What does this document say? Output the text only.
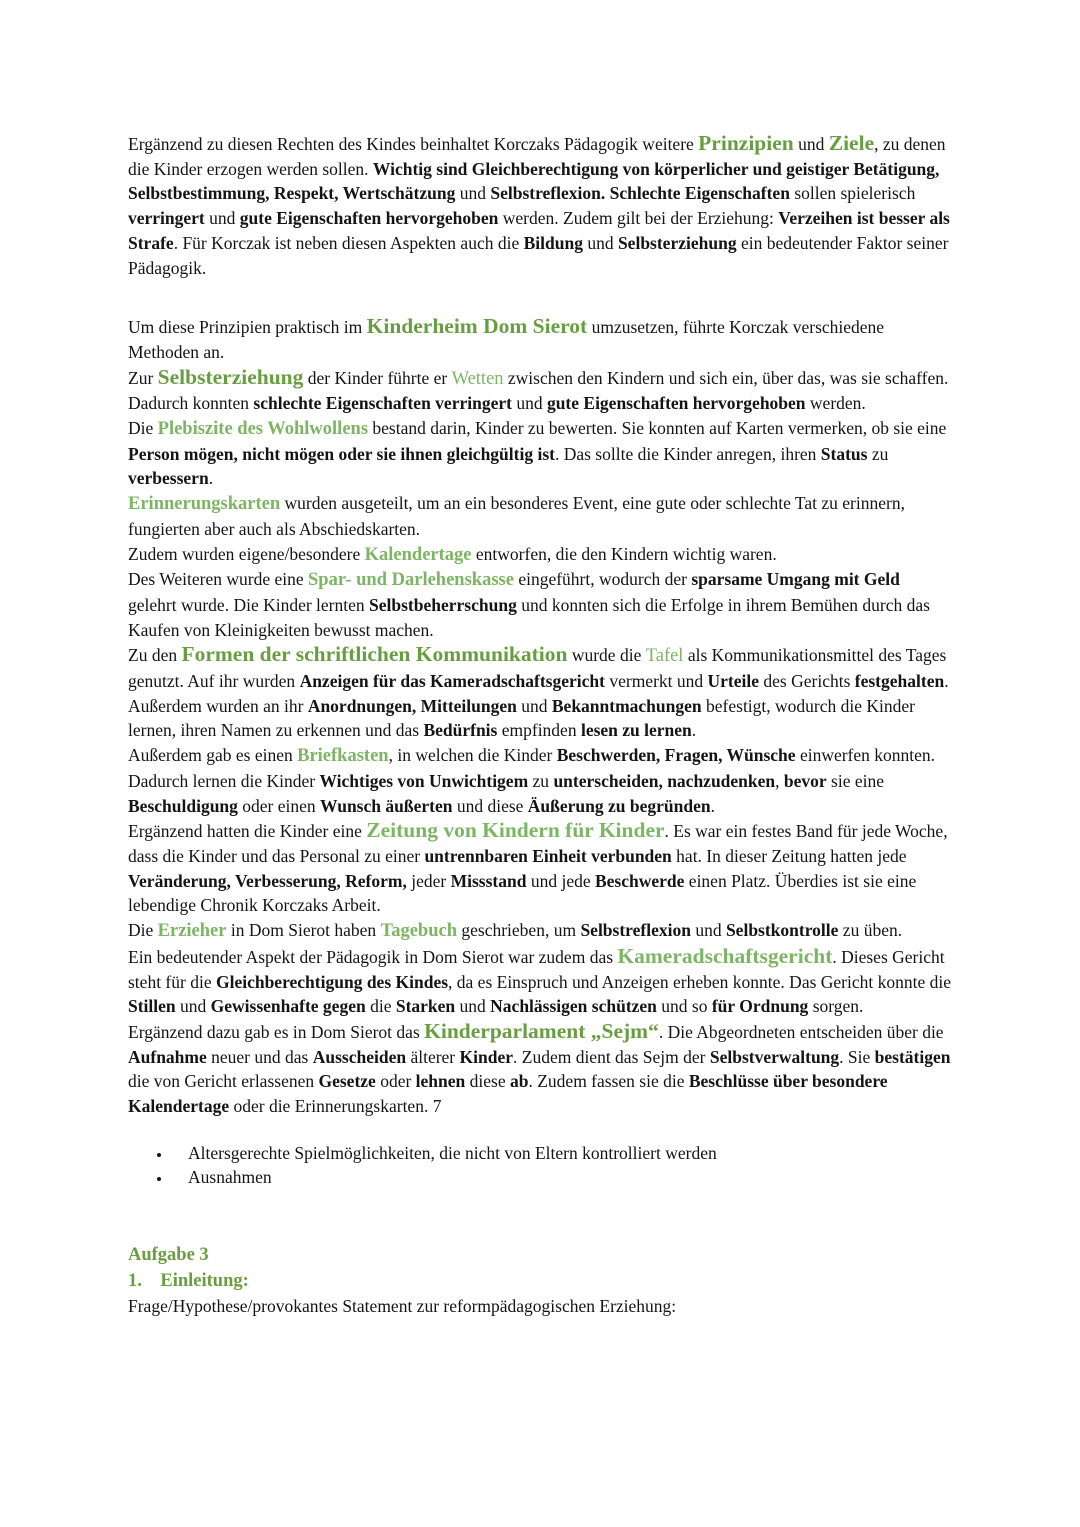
Ergänzend zu diesen Rechten des Kindes beinhaltet Korczaks Pädagogik weitere Prinzipien und Ziele, zu denen die Kinder erzogen werden sollen. Wichtig sind Gleichberechtigung von körperlicher und geistiger Betätigung, Selbstbestimmung, Respekt, Wertschätzung und Selbstreflexion. Schlechte Eigenschaften sollen spielerisch verringert und gute Eigenschaften hervorgehoben werden. Zudem gilt bei der Erziehung: Verzeihen ist besser als Strafe. Für Korczak ist neben diesen Aspekten auch die Bildung und Selbsterziehung ein bedeutender Faktor seiner Pädagogik.

Um diese Prinzipien praktisch im Kinderheim Dom Sierot umzusetzen, führte Korczak verschiedene Methoden an.

Zur Selbsterziehung der Kinder führte er Wetten zwischen den Kindern und sich ein, über das, was sie schaffen. Dadurch konnten schlechte Eigenschaften verringert und gute Eigenschaften hervorgehoben werden.

Die Plebiszite des Wohlwollens bestand darin, Kinder zu bewerten. Sie konnten auf Karten vermerken, ob sie eine Person mögen, nicht mögen oder sie ihnen gleichgültig ist. Das sollte die Kinder anregen, ihren Status zu verbessern.

Erinnerungskarten wurden ausgeteilt, um an ein besonderes Event, eine gute oder schlechte Tat zu erinnern, fungierten aber auch als Abschiedskarten.

Zudem wurden eigene/besondere Kalendertage entworfen, die den Kindern wichtig waren.

Des Weiteren wurde eine Spar- und Darlehenskasse eingeführt, wodurch der sparsame Umgang mit Geld gelehrt wurde. Die Kinder lernten Selbstbeherrschung und konnten sich die Erfolge in ihrem Bemühen durch das Kaufen von Kleinigkeiten bewusst machen.

Zu den Formen der schriftlichen Kommunikation wurde die Tafel als Kommunikationsmittel des Tages genutzt. Auf ihr wurden Anzeigen für das Kameradschaftsgericht vermerkt und Urteile des Gerichts festgehalten. Außerdem wurden an ihr Anordnungen, Mitteilungen und Bekanntmachungen befestigt, wodurch die Kinder lernen, ihren Namen zu erkennen und das Bedürfnis empfinden lesen zu lernen.

Außerdem gab es einen Briefkasten, in welchen die Kinder Beschwerden, Fragen, Wünsche einwerfen konnten. Dadurch lernen die Kinder Wichtiges von Unwichtigem zu unterscheiden, nachzudenken, bevor sie eine Beschuldigung oder einen Wunsch äußerten und diese Äußerung zu begründen.

Ergänzend hatten die Kinder eine Zeitung von Kindern für Kinder. Es war ein festes Band für jede Woche, dass die Kinder und das Personal zu einer untrennbaren Einheit verbunden hat. In dieser Zeitung hatten jede Veränderung, Verbesserung, Reform, jeder Missstand und jede Beschwerde einen Platz. Überdies ist sie eine lebendige Chronik Korczaks Arbeit.

Die Erzieher in Dom Sierot haben Tagebuch geschrieben, um Selbstreflexion und Selbstkontrolle zu üben.

Ein bedeutender Aspekt der Pädagogik in Dom Sierot war zudem das Kameradschaftsgericht. Dieses Gericht steht für die Gleichberechtigung des Kindes, da es Einspruch und Anzeigen erheben konnte. Das Gericht konnte die Stillen und Gewissenhafte gegen die Starken und Nachlässigen schützen und so für Ordnung sorgen.

Ergänzend dazu gab es in Dom Sierot das Kinderparlament „Sejm“. Die Abgeordneten entscheiden über die Aufnahme neuer und das Ausscheiden älterer Kinder. Zudem dient das Sejm der Selbstverwaltung. Sie bestätigen die von Gericht erlassenen Gesetze oder lehnen diese ab. Zudem fassen sie die Beschlüsse über besondere Kalendertage oder die Erinnerungskarten. 7

• Altersgerechte Spielmöglichkeiten, die nicht von Eltern kontrolliert werden
• Ausnahmen

Aufgabe 3

1. Einleitung:

Frage/Hypothese/provokantes Statement zur reformpädagogischen Erziehung:
